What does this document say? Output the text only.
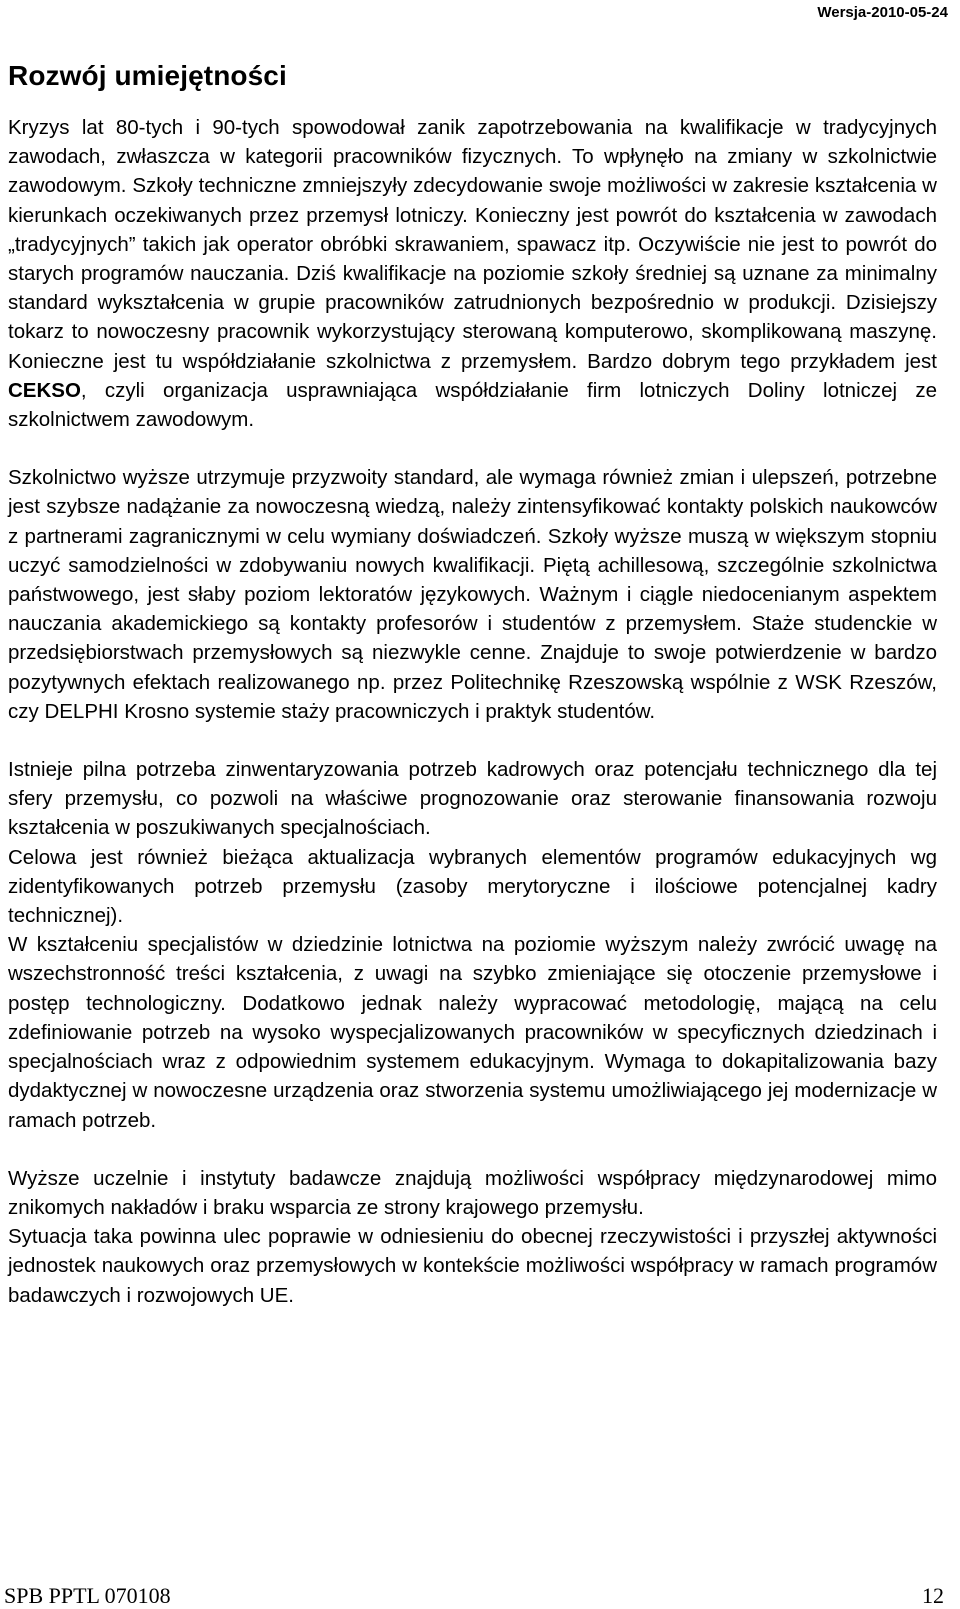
Wersja-2010-05-24
Rozwój umiejętności

Kryzys lat 80-tych i 90-tych spowodował zanik zapotrzebowania na kwalifikacje w tradycyjnych zawodach, zwłaszcza w kategorii pracowników fizycznych. To wpłynęło na zmiany w szkolnictwie zawodowym. Szkoły techniczne zmniejszyły zdecydowanie swoje możliwości w zakresie kształcenia w kierunkach oczekiwanych przez przemysł lotniczy. Konieczny jest powrót do kształcenia w zawodach „tradycyjnych” takich jak operator obróbki skrawaniem, spawacz itp. Oczywiście nie jest to powrót do starych programów nauczania. Dziś kwalifikacje na poziomie szkoły średniej są uznane za minimalny standard wykształcenia w grupie pracowników zatrudnionych bezpośrednio w produkcji. Dzisiejszy tokarz to nowoczesny pracownik wykorzystujący sterowaną komputerowo, skomplikowaną maszynę. Konieczne jest tu współdziałanie szkolnictwa z przemysłem. Bardzo dobrym tego przykładem jest CEKSO, czyli organizacja usprawniająca współdziałanie firm lotniczych Doliny lotniczej ze szkolnictwem zawodowym.

Szkolnictwo wyższe utrzymuje przyzwoity standard, ale wymaga również zmian i ulepszeń, potrzebne jest szybsze nadążanie za nowoczesną wiedzą, należy zintensyfikować kontakty polskich naukowców z partnerami zagranicznymi w celu wymiany doświadczeń. Szkoły wyższe muszą w większym stopniu uczyć samodzielności w zdobywaniu nowych kwalifikacji. Piętą achillesową, szczególnie szkolnictwa państwowego, jest słaby poziom lektoratów językowych. Ważnym i ciągle niedocenianym aspektem nauczania akademickiego są kontakty profesorów i studentów z przemysłem. Staże studenckie w przedsiębiorstwach przemysłowych są niezwykle cenne. Znajduje to swoje potwierdzenie w bardzo pozytywnych efektach realizowanego np. przez Politechnikę Rzeszowską wspólnie z WSK Rzeszów, czy DELPHI Krosno systemie staży pracowniczych i praktyk studentów.

Istnieje pilna potrzeba zinwentaryzowania potrzeb kadrowych oraz potencjału technicznego dla tej sfery przemysłu, co pozwoli na właściwe prognozowanie oraz sterowanie finansowania rozwoju kształcenia w poszukiwanych specjalnościach.

Celowa jest również bieżąca aktualizacja wybranych elementów programów edukacyjnych wg zidentyfikowanych potrzeb przemysłu (zasoby merytoryczne i ilościowe potencjalnej kadry technicznej).

W kształceniu specjalistów w dziedzinie lotnictwa na poziomie wyższym należy zwrócić uwagę na wszechstronność treści kształcenia, z uwagi na szybko zmieniające się otoczenie przemysłowe i postęp technologiczny. Dodatkowo jednak należy wypracować metodologię, mającą na celu zdefiniowanie potrzeb na wysoko wyspecjalizowanych pracowników w specyficznych dziedzinach i specjalnościach wraz z odpowiednim systemem edukacyjnym. Wymaga to dokapitalizowania bazy dydaktycznej w nowoczesne urządzenia oraz stworzenia systemu umożliwiającego jej modernizacje w ramach potrzeb.

Wyższe uczelnie i instytuty badawcze znajdują możliwości współpracy międzynarodowej mimo znikomych nakładów i braku wsparcia ze strony krajowego przemysłu.

Sytuacja taka powinna ulec poprawie w odniesieniu do obecnej rzeczywistości i przyszłej aktywności jednostek naukowych oraz przemysłowych w kontekście możliwości współpracy w ramach programów badawczych i rozwojowych UE.

SPB PPTL 070108	12
